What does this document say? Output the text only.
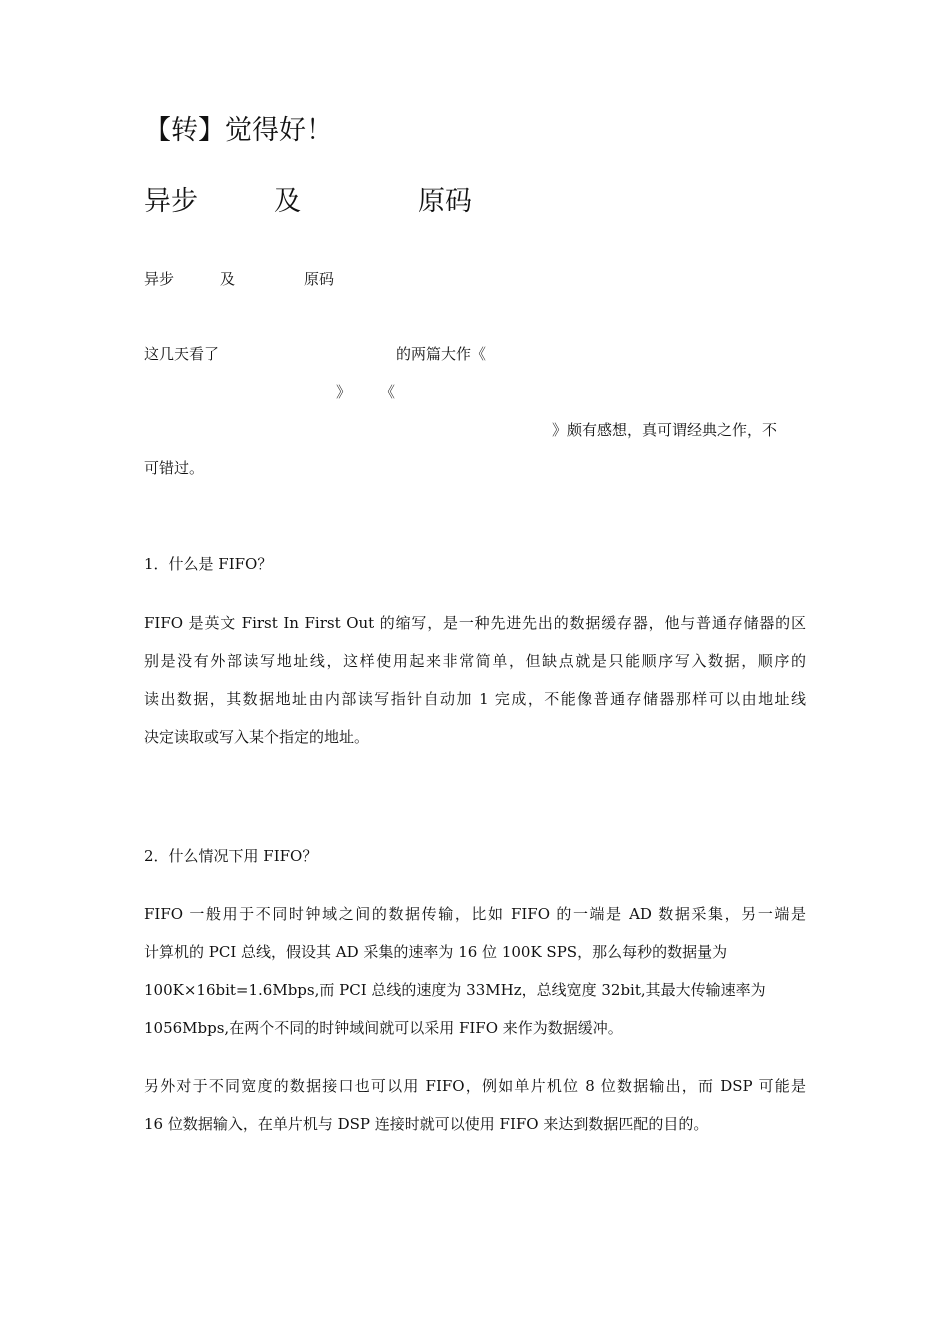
【转】觉得好！
异步	及	原码
异步	及	原码
这几天看了	的两篇大作《
》 《
》颇有感想，真可谓经典之作，不
可错过。
1．什么是 FIFO？
FIFO 是英文 First In First Out 的缩写，是一种先进先出的数据缓存器，他与普通存储器的区
别是没有外部读写地址线，这样使用起来非常简单，但缺点就是只能顺序写入数据，顺序的
读出数据，其数据地址由内部读写指针自动加 1 完成，不能像普通存储器那样可以由地址线
决定读取或写入某个指定的地址。
2．什么情况下用 FIFO？
FIFO 一般用于不同时钟域之间的数据传输，比如 FIFO 的一端是 AD 数据采集，另一端是
计算机的 PCI 总线，假设其 AD 采集的速率为 16 位 100K SPS，那么每秒的数据量为
100K×16bit=1.6Mbps,而 PCI 总线的速度为 33MHz，总线宽度 32bit,其最大传输速率为
1056Mbps,在两个不同的时钟域间就可以采用 FIFO 来作为数据缓冲。
另外对于不同宽度的数据接口也可以用 FIFO，例如单片机位 8 位数据输出，而 DSP 可能是
16 位数据输入，在单片机与 DSP 连接时就可以使用 FIFO 来达到数据匹配的目的。
